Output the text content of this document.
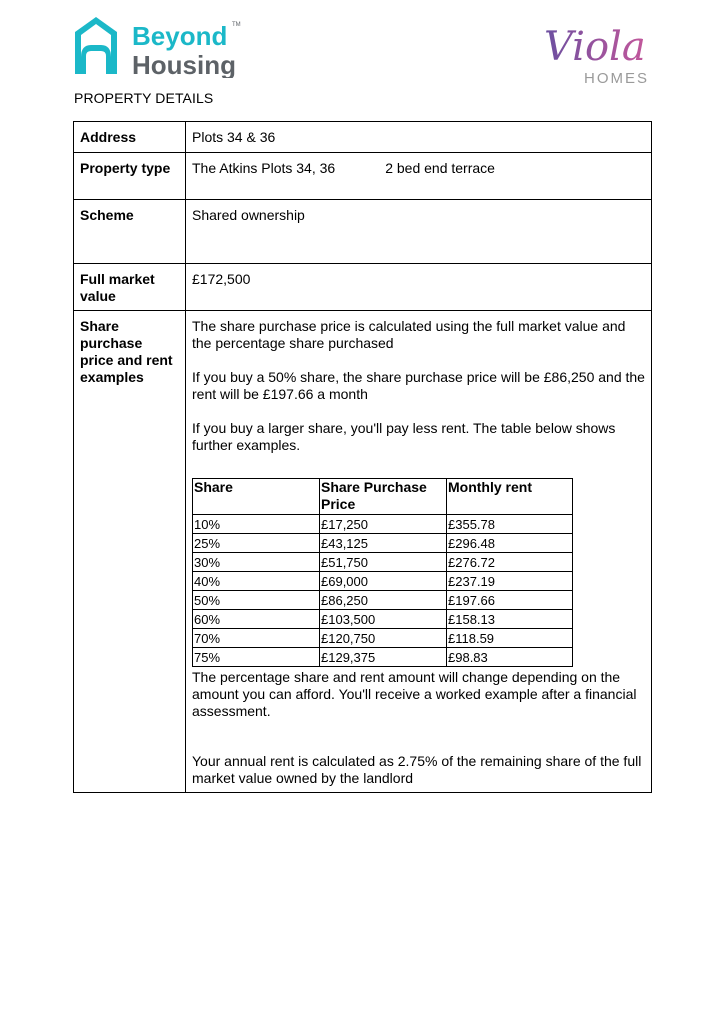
Beyond TM
Housing	Viola
HOMES
PROPERTY DETAILS
Address	Plots 34 & 36
Property type	The Atkins Plots 34, 36	2 bed end terrace
Scheme	Shared ownership
Full market value	£172,500
Share purchase price and rent examples	
The share purchase price is calculated using the full market value and the percentage share purchased
If you buy a 50% share, the share purchase price will be £86,250 and the rent will be £197.66 a month
If you buy a larger share, you'll pay less rent. The table below shows further examples.
Share	Share Purchase Price	Monthly rent
10%	£17,250	£355.78
25%	£43,125	£296.48
30%	£51,750	£276.72
40%	£69,000	£237.19
50%	£86,250	£197.66
60%	£103,500	£158.13
70%	£120,750	£118.59
75%	£129,375	£98.83
The percentage share and rent amount will change depending on the amount you can afford. You'll receive a worked example after a financial assessment.
Your annual rent is calculated as 2.75% of the remaining share of the full market value owned by the landlord
